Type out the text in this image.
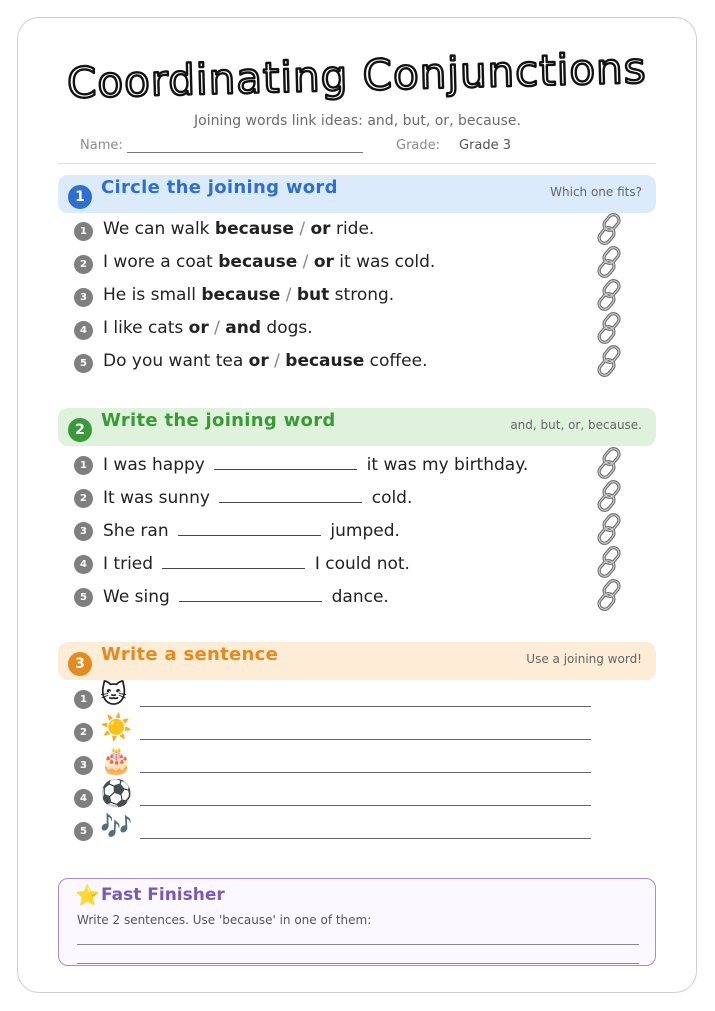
Coordinating Conjunctions
Joining words link ideas: and, but, or, because.
Name:	Grade: Grade 3
1 Circle the joining word	Which one fits?
1 We can walk because / or ride.
2 I wore a coat because / or it was cold.
3 He is small because / but strong.
4 I like cats or / and dogs.
5 Do you want tea or / because coffee.
2 Write the joining word	and, but, or, because.
1 I was happy	it was my birthday.
2 It was sunny	cold.
3 She ran	jumped.
4 I tried	I could not.
5 We sing	dance.
3 Write a sentence	Use a joining word!
1 🐱
2 ☀️
3 🎂
4 ⚽
5 🎶
⭐ Fast Finisher
Write 2 sentences. Use 'because' in one of them:
